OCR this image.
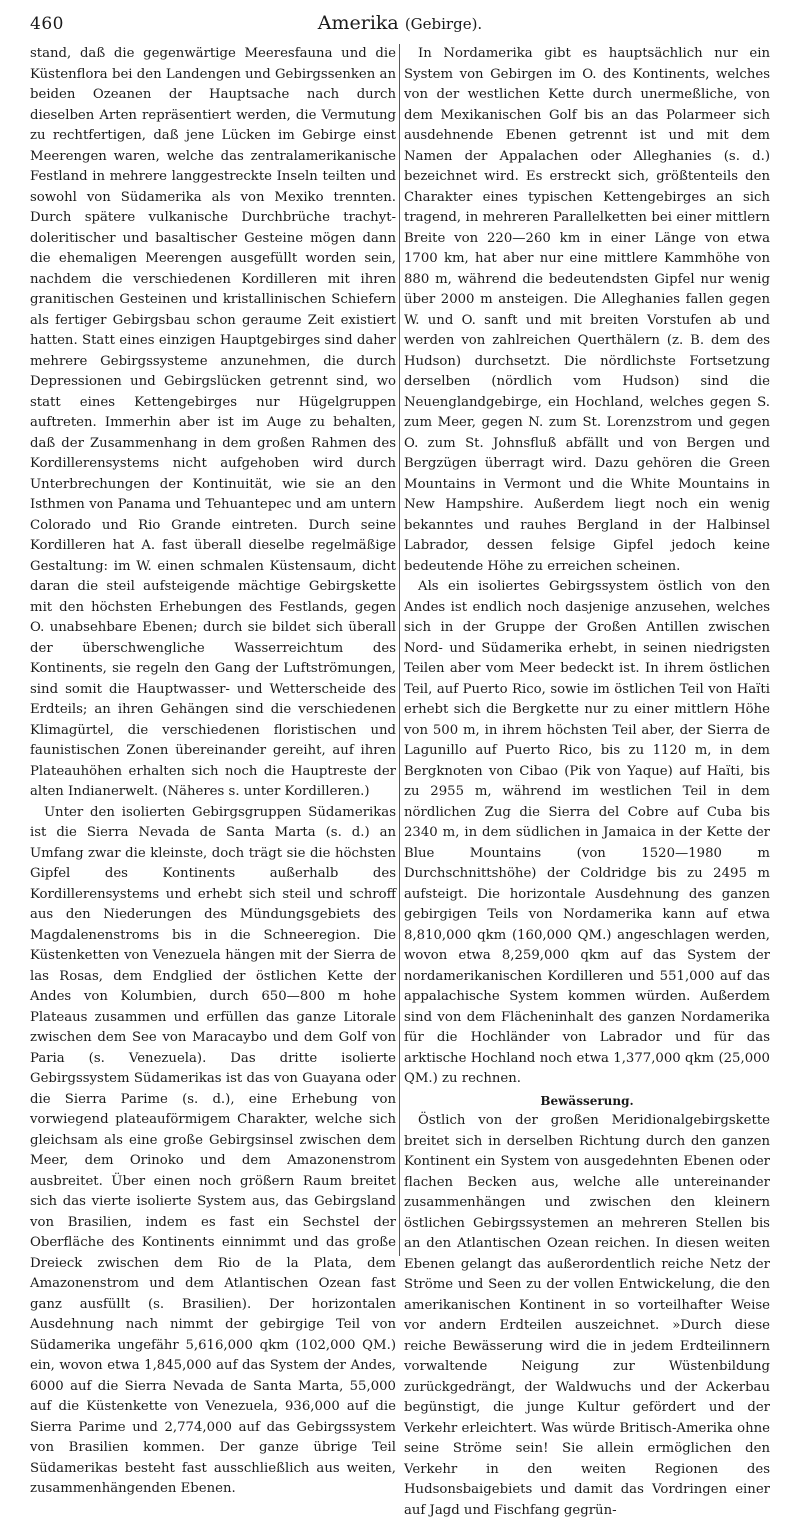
460	Amerika (Gebirge).

stand, daß die gegenwärtige Meeresfauna und die Küstenflora bei den Landengen und Gebirgssenken an beiden Ozeanen der Hauptsache nach durch dieselben Arten repräsentiert werden, die Vermutung zu rechtfertigen, daß jene Lücken im Gebirge einst Meerengen waren, welche das zentralamerikanische Festland in mehrere langgestreckte Inseln teilten und sowohl von Südamerika als von Mexiko trennten. Durch spätere vulkanische Durchbrüche trachyt-doleritischer und basaltischer Gesteine mögen dann die ehemaligen Meerengen ausgefüllt worden sein, nachdem die verschiedenen Kordilleren mit ihren granitischen Gesteinen und kristallinischen Schiefern als fertiger Gebirgsbau schon geraume Zeit existiert hatten. Statt eines einzigen Hauptgebirges sind daher mehrere Gebirgssysteme anzunehmen, die durch Depressionen und Gebirgslücken getrennt sind, wo statt eines Kettengebirges nur Hügelgruppen auftreten. Immerhin aber ist im Auge zu behalten, daß der Zusammenhang in dem großen Rahmen des Kordillerensystems nicht aufgehoben wird durch Unterbrechungen der Kontinuität, wie sie an den Isthmen von Panama und Tehuantepec und am untern Colorado und Rio Grande eintreten. Durch seine Kordilleren hat A. fast überall dieselbe regelmäßige Gestaltung: im W. einen schmalen Küstensaum, dicht daran die steil aufsteigende mächtige Gebirgskette mit den höchsten Erhebungen des Festlands, gegen O. unabsehbare Ebenen; durch sie bildet sich überall der überschwengliche Wasserreichtum des Kontinents, sie regeln den Gang der Luftströmungen, sind somit die Hauptwasser- und Wetterscheide des Erdteils; an ihren Gehängen sind die verschiedenen Klimagürtel, die verschiedenen floristischen und faunistischen Zonen übereinander gereiht, auf ihren Plateauhöhen erhalten sich noch die Hauptreste der alten Indianerwelt. (Näheres s. unter Kordilleren.)

Unter den isolierten Gebirgsgruppen Südamerikas ist die Sierra Nevada de Santa Marta (s. d.) an Umfang zwar die kleinste, doch trägt sie die höchsten Gipfel des Kontinents außerhalb des Kordillerensystems und erhebt sich steil und schroff aus den Niederungen des Mündungsgebiets des Magdalenenstroms bis in die Schneeregion. Die Küstenketten von Venezuela hängen mit der Sierra de las Rosas, dem Endglied der östlichen Kette der Andes von Kolumbien, durch 650—800 m hohe Plateaus zusammen und erfüllen das ganze Litorale zwischen dem See von Maracaybo und dem Golf von Paria (s. Venezuela). Das dritte isolierte Gebirgssystem Südamerikas ist das von Guayana oder die Sierra Parime (s. d.), eine Erhebung von vorwiegend plateauförmigem Charakter, welche sich gleichsam als eine große Gebirgsinsel zwischen dem Meer, dem Orinoko und dem Amazonenstrom ausbreitet. Über einen noch größern Raum breitet sich das vierte isolierte System aus, das Gebirgsland von Brasilien, indem es fast ein Sechstel der Oberfläche des Kontinents einnimmt und das große Dreieck zwischen dem Rio de la Plata, dem Amazonenstrom und dem Atlantischen Ozean fast ganz ausfüllt (s. Brasilien). Der horizontalen Ausdehnung nach nimmt der gebirgige Teil von Südamerika ungefähr 5,616,000 qkm (102,000 QM.) ein, wovon etwa 1,845,000 auf das System der Andes, 6000 auf die Sierra Nevada de Santa Marta, 55,000 auf die Küstenkette von Venezuela, 936,000 auf die Sierra Parime und 2,774,000 auf das Gebirgssystem von Brasilien kommen. Der ganze übrige Teil Südamerikas besteht fast ausschließlich aus weiten, zusammenhängenden Ebenen.

In Nordamerika gibt es hauptsächlich nur ein System von Gebirgen im O. des Kontinents, welches von der westlichen Kette durch unermeßliche, von dem Mexikanischen Golf bis an das Polarmeer sich ausdehnende Ebenen getrennt ist und mit dem Namen der Appalachen oder Alleghanies (s. d.) bezeichnet wird. Es erstreckt sich, größtenteils den Charakter eines typischen Kettengebirges an sich tragend, in mehreren Parallelketten bei einer mittlern Breite von 220—260 km in einer Länge von etwa 1700 km, hat aber nur eine mittlere Kammhöhe von 880 m, während die bedeutendsten Gipfel nur wenig über 2000 m ansteigen. Die Alleghanies fallen gegen W. und O. sanft und mit breiten Vorstufen ab und werden von zahlreichen Querthälern (z. B. dem des Hudson) durchsetzt. Die nördlichste Fortsetzung derselben (nördlich vom Hudson) sind die Neuenglandgebirge, ein Hochland, welches gegen S. zum Meer, gegen N. zum St. Lorenzstrom und gegen O. zum St. Johnsfluß abfällt und von Bergen und Bergzügen überragt wird. Dazu gehören die Green Mountains in Vermont und die White Mountains in New Hampshire. Außerdem liegt noch ein wenig bekanntes und rauhes Bergland in der Halbinsel Labrador, dessen felsige Gipfel jedoch keine bedeutende Höhe zu erreichen scheinen.

Als ein isoliertes Gebirgssystem östlich von den Andes ist endlich noch dasjenige anzusehen, welches sich in der Gruppe der Großen Antillen zwischen Nord- und Südamerika erhebt, in seinen niedrigsten Teilen aber vom Meer bedeckt ist. In ihrem östlichen Teil, auf Puerto Rico, sowie im östlichen Teil von Haïti erhebt sich die Bergkette nur zu einer mittlern Höhe von 500 m, in ihrem höchsten Teil aber, der Sierra de Lagunillo auf Puerto Rico, bis zu 1120 m, in dem Bergknoten von Cibao (Pik von Yaque) auf Haïti, bis zu 2955 m, während im westlichen Teil in dem nördlichen Zug die Sierra del Cobre auf Cuba bis 2340 m, in dem südlichen in Jamaica in der Kette der Blue Mountains (von 1520—1980 m Durchschnittshöhe) der Coldridge bis zu 2495 m aufsteigt. Die horizontale Ausdehnung des ganzen gebirgigen Teils von Nordamerika kann auf etwa 8,810,000 qkm (160,000 QM.) angeschlagen werden, wovon etwa 8,259,000 qkm auf das System der nordamerikanischen Kordilleren und 551,000 auf das appalachische System kommen würden. Außerdem sind von dem Flächeninhalt des ganzen Nordamerika für die Hochländer von Labrador und für das arktische Hochland noch etwa 1,377,000 qkm (25,000 QM.) zu rechnen.

Bewässerung.

Östlich von der großen Meridionalgebirgskette breitet sich in derselben Richtung durch den ganzen Kontinent ein System von ausgedehnten Ebenen oder flachen Becken aus, welche alle untereinander zusammenhängen und zwischen den kleinern östlichen Gebirgssystemen an mehreren Stellen bis an den Atlantischen Ozean reichen. In diesen weiten Ebenen gelangt das außerordentlich reiche Netz der Ströme und Seen zu der vollen Entwickelung, die den amerikanischen Kontinent in so vorteilhafter Weise vor andern Erdteilen auszeichnet. »Durch diese reiche Bewässerung wird die in jedem Erdteilinnern vorwaltende Neigung zur Wüstenbildung zurückgedrängt, der Waldwuchs und der Ackerbau begünstigt, die junge Kultur gefördert und der Verkehr erleichtert. Was würde Britisch-Amerika ohne seine Ströme sein! Sie allein ermöglichen den Verkehr in den weiten Regionen des Hudsonsbaigebiets und damit das Vordringen einer auf Jagd und Fischfang gegrün-
